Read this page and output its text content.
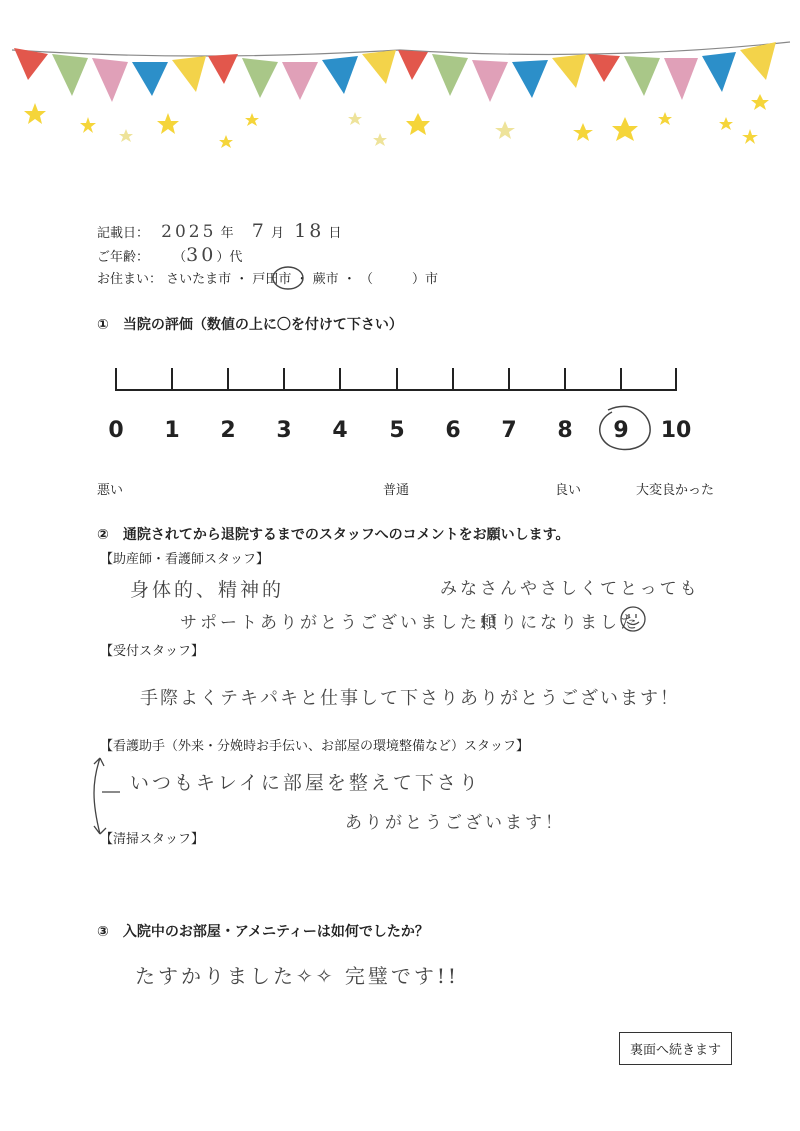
記載日： 2025 年 7 月 18 日
ご年齢： （30）代
お住まい： さいたま市 ・ 戸田市 ・ 蕨市 ・ （　　　）市
①　当院の評価（数値の上に〇を付けて下さい）
0	1	2	3	4	5	6	7	8	9	10
悪い	普通	良い	大変良かった
②　通院されてから退院するまでのスタッフへのコメントをお願いします。
【助産師・看護師スタッフ】
身体的、精神的
サポートありがとうございました!!
みなさんやさしくてとっても
頼りになりました
【受付スタッフ】
手際よくテキパキと仕事して下さりありがとうございます！
【看護助手（外来・分娩時お手伝い、お部屋の環境整備など）スタッフ】
いつもキレイに部屋を整えて下さり
ありがとうございます！
【清掃スタッフ】
③　入院中のお部屋・アメニティーは如何でしたか？
たすかりました✧✧ 完璧です!!
裏面へ続きます
